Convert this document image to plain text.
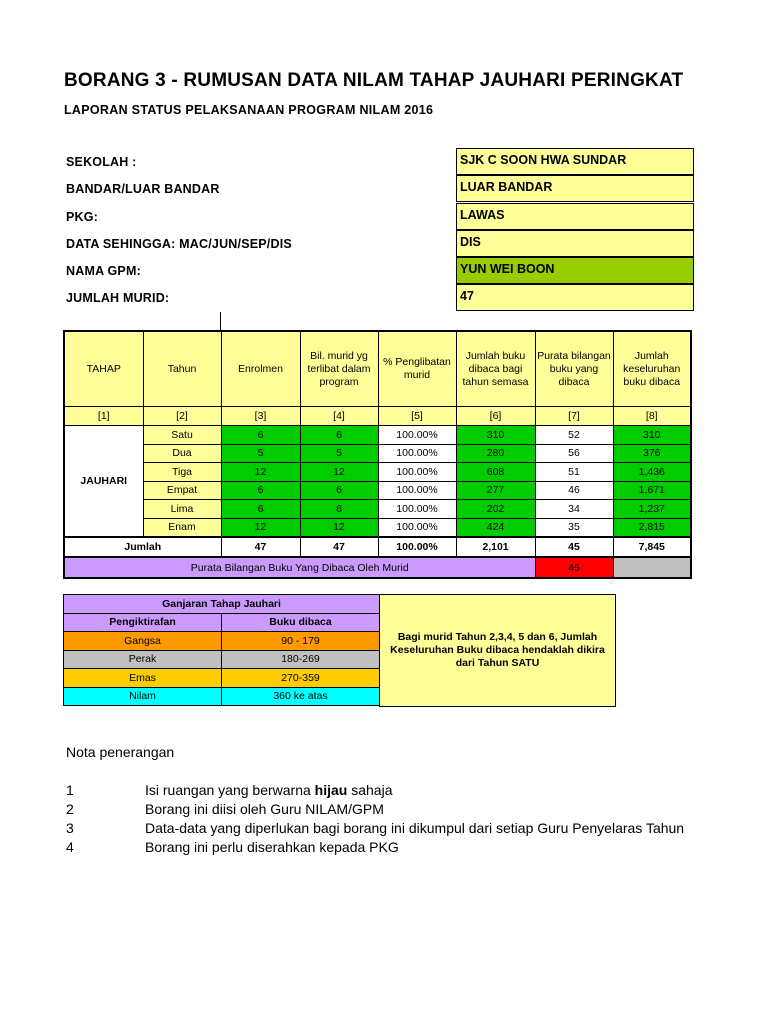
BORANG 3 - RUMUSAN DATA NILAM TAHAP JAUHARI PERINGKAT
LAPORAN STATUS PELAKSANAAN PROGRAM NILAM 2016
SEKOLAH :	SJK C SOON HWA SUNDAR
BANDAR/LUAR BANDAR	LUAR BANDAR
PKG:	LAWAS
DATA SEHINGGA: MAC/JUN/SEP/DIS	DIS
NAMA GPM:	YUN WEI BOON
JUMLAH MURID:	47
TAHAP	Tahun	Enrolmen	Bil. murid yg terlibat dalam program	% Penglibatan murid	Jumlah buku dibaca bagi tahun semasa	Purata bilangan buku yang dibaca	Jumlah keseluruhan buku dibaca
[1]	[2]	[3]	[4]	[5]	[6]	[7]	[8]
JAUHARI	Satu	6	6	100.00%	310	52	310
	Dua	5	5	100.00%	280	56	376
	Tiga	12	12	100.00%	608	51	1,436
	Empat	6	6	100.00%	277	46	1,671
	Lima	6	6	100.00%	202	34	1,237
	Enam	12	12	100.00%	424	35	2,815
Jumlah		47	47	100.00%	2,101	45	7,845
Purata Bilangan Buku Yang Dibaca Oleh Murid						45	
Ganjaran Tahap Jauhari	
Pengiktirafan	Buku dibaca
Gangsa	90 - 179
Perak	180-269
Emas	270-359
Nilam	360 ke atas
Bagi murid Tahun 2,3,4, 5 dan 6, Jumlah Keseluruhan Buku dibaca hendaklah dikira dari Tahun SATU
Nota penerangan
1	Isi ruangan yang berwarna hijau sahaja
2	Borang ini diisi oleh Guru NILAM/GPM
3	Data-data yang diperlukan bagi borang ini dikumpul dari setiap Guru Penyelaras Tahun
4	Borang ini perlu diserahkan kepada PKG
